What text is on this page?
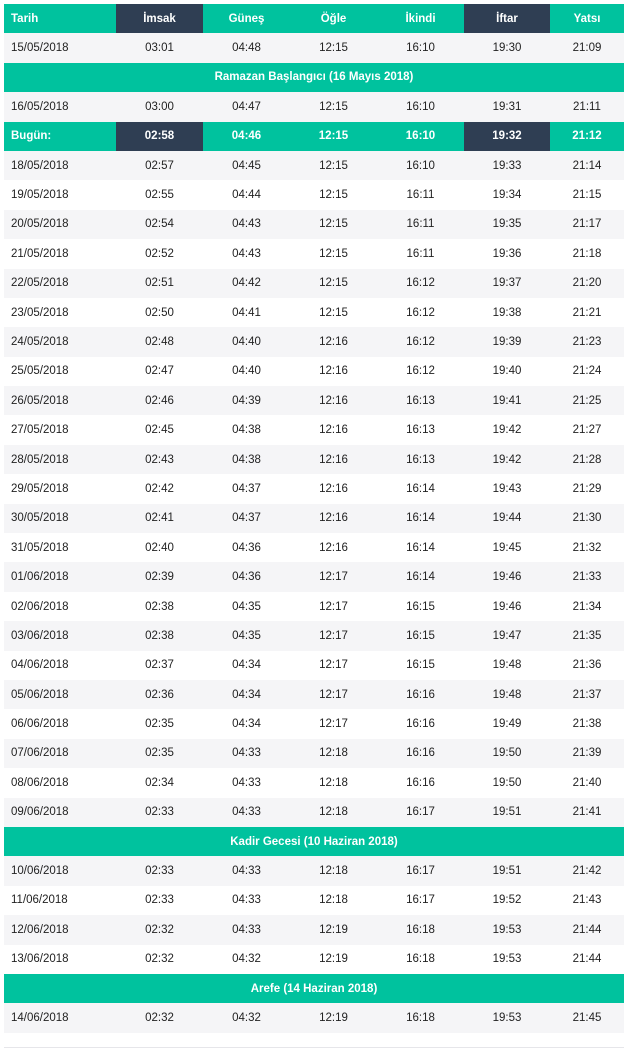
Tarih	İmsak	Güneş	Öğle	İkindi	İftar	Yatsı
15/05/2018	03:01	04:48	12:15	16:10	19:30	21:09
Ramazan Başlangıcı (16 Mayıs 2018)
16/05/2018	03:00	04:47	12:15	16:10	19:31	21:11
Bugün:	02:58	04:46	12:15	16:10	19:32	21:12
18/05/2018	02:57	04:45	12:15	16:10	19:33	21:14
19/05/2018	02:55	04:44	12:15	16:11	19:34	21:15
20/05/2018	02:54	04:43	12:15	16:11	19:35	21:17
21/05/2018	02:52	04:43	12:15	16:11	19:36	21:18
22/05/2018	02:51	04:42	12:15	16:12	19:37	21:20
23/05/2018	02:50	04:41	12:15	16:12	19:38	21:21
24/05/2018	02:48	04:40	12:16	16:12	19:39	21:23
25/05/2018	02:47	04:40	12:16	16:12	19:40	21:24
26/05/2018	02:46	04:39	12:16	16:13	19:41	21:25
27/05/2018	02:45	04:38	12:16	16:13	19:42	21:27
28/05/2018	02:43	04:38	12:16	16:13	19:42	21:28
29/05/2018	02:42	04:37	12:16	16:14	19:43	21:29
30/05/2018	02:41	04:37	12:16	16:14	19:44	21:30
31/05/2018	02:40	04:36	12:16	16:14	19:45	21:32
01/06/2018	02:39	04:36	12:17	16:14	19:46	21:33
02/06/2018	02:38	04:35	12:17	16:15	19:46	21:34
03/06/2018	02:38	04:35	12:17	16:15	19:47	21:35
04/06/2018	02:37	04:34	12:17	16:15	19:48	21:36
05/06/2018	02:36	04:34	12:17	16:16	19:48	21:37
06/06/2018	02:35	04:34	12:17	16:16	19:49	21:38
07/06/2018	02:35	04:33	12:18	16:16	19:50	21:39
08/06/2018	02:34	04:33	12:18	16:16	19:50	21:40
09/06/2018	02:33	04:33	12:18	16:17	19:51	21:41
Kadir Gecesi (10 Haziran 2018)
10/06/2018	02:33	04:33	12:18	16:17	19:51	21:42
11/06/2018	02:33	04:33	12:18	16:17	19:52	21:43
12/06/2018	02:32	04:33	12:19	16:18	19:53	21:44
13/06/2018	02:32	04:32	12:19	16:18	19:53	21:44
Arefe (14 Haziran 2018)
14/06/2018	02:32	04:32	12:19	16:18	19:53	21:45
